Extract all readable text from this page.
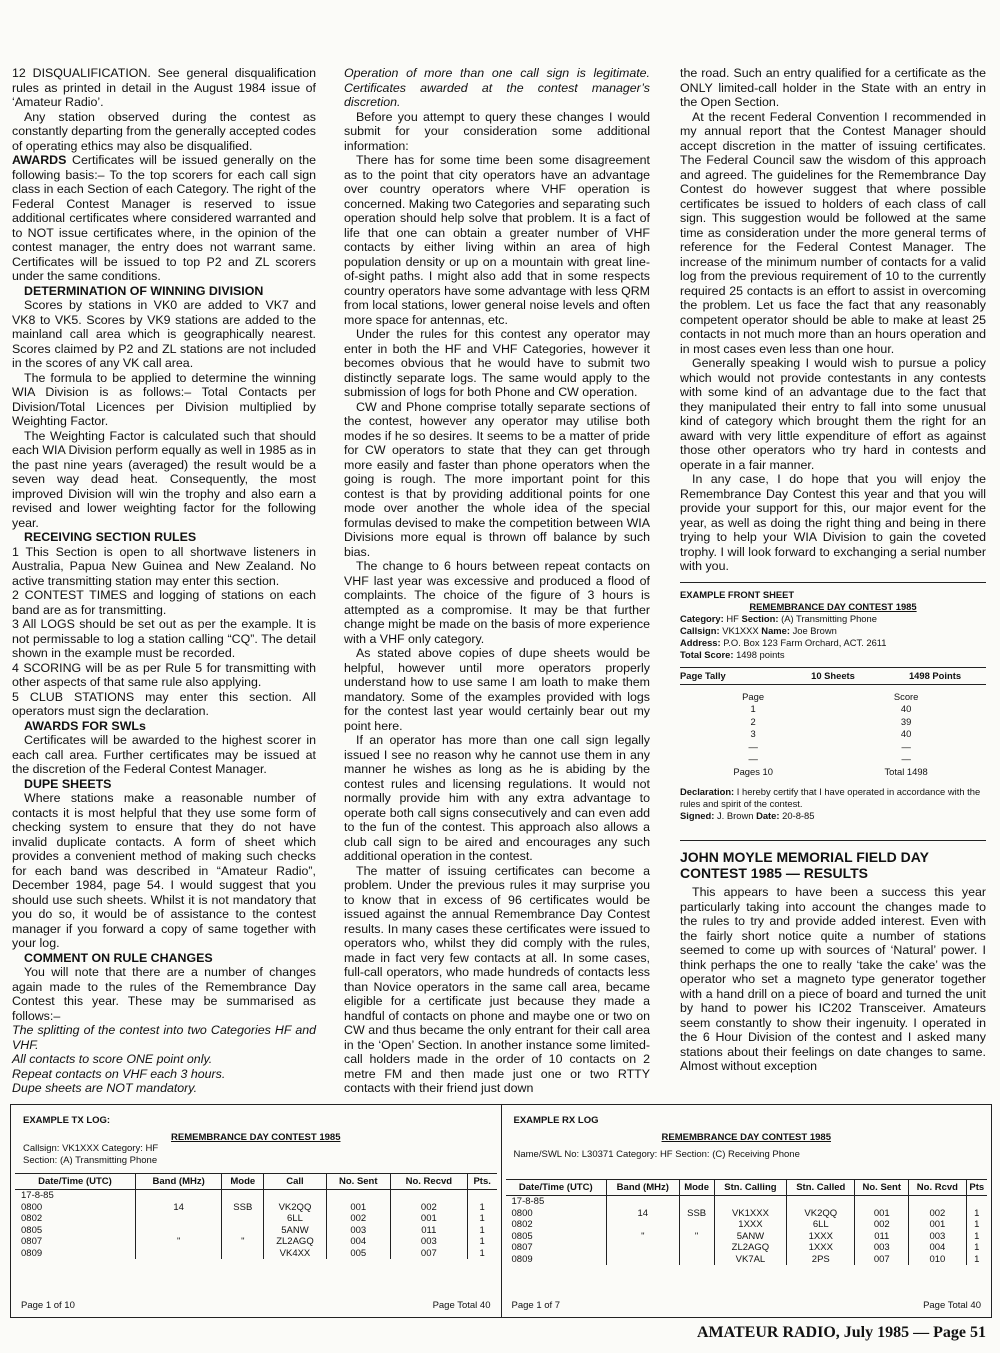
12 DISQUALIFICATION. See general disqualification rules as printed in detail in the August 1984 issue of ‘Amateur Radio’.

Any station observed during the contest as constantly departing from the generally accepted codes of operating ethics may also be disqualified.

AWARDS Certificates will be issued generally on the following basis:– To the top scorers for each call sign class in each Section of each Category. The right of the Federal Contest Manager is reserved to issue additional certificates where considered warranted and to NOT issue certificates where, in the opinion of the contest manager, the entry does not warrant same. Certificates will be issued to top P2 and ZL scorers under the same conditions.

DETERMINATION OF WINNING DIVISION

Scores by stations in VK0 are added to VK7 and VK8 to VK5. Scores by VK9 stations are added to the mainland call area which is geographically nearest. Scores claimed by P2 and ZL stations are not included in the scores of any VK call area.

The formula to be applied to determine the winning WIA Division is as follows:– Total Contacts per Division/Total Licences per Division multiplied by Weighting Factor.

The Weighting Factor is calculated such that should each WIA Division perform equally as well in 1985 as in the past nine years (averaged) the result would be a seven way dead heat. Consequently, the most improved Division will win the trophy and also earn a revised and lower weighting factor for the following year.

RECEIVING SECTION RULES

1 This Section is open to all shortwave listeners in Australia, Papua New Guinea and New Zealand. No active transmitting station may enter this section.

2 CONTEST TIMES and logging of stations on each band are as for transmitting.

3 All LOGS should be set out as per the example. It is not permissable to log a station calling “CQ”. The detail shown in the example must be recorded.

4 SCORING will be as per Rule 5 for transmitting with other aspects of that same rule also applying.

5 CLUB STATIONS may enter this section. All operators must sign the declaration.

AWARDS FOR SWLs

Certificates will be awarded to the highest scorer in each call area. Further certificates may be issued at the discretion of the Federal Contest Manager.

DUPE SHEETS

Where stations make a reasonable number of contacts it is most helpful that they use some form of checking system to ensure that they do not have invalid duplicate contacts. A form of sheet which provides a convenient method of making such checks for each band was described in “Amateur Radio”, December 1984, page 54. I would suggest that you should use such sheets. Whilst it is not mandatory that you do so, it would be of assistance to the contest manager if you forward a copy of same together with your log.

COMMENT ON RULE CHANGES

You will note that there are a number of changes again made to the rules of the Remembrance Day Contest this year. These may be summarised as follows:–

The splitting of the contest into two Categories HF and VHF.

All contacts to score ONE point only.

Repeat contacts on VHF each 3 hours.

Dupe sheets are NOT mandatory.

Operation of more than one call sign is legitimate. Certificates awarded at the contest manager’s discretion.

Before you attempt to query these changes I would submit for your consideration some additional information:

There has for some time been some disagreement as to the point that city operators have an advantage over country operators where VHF operation is concerned. Making two Categories and separating such operation should help solve that problem. It is a fact of life that one can obtain a greater number of VHF contacts by either living within an area of high population density or up on a mountain with great line-of-sight paths. I might also add that in some respects country operators have some advantage with less QRM from local stations, lower general noise levels and often more space for antennas, etc.

Under the rules for this contest any operator may enter in both the HF and VHF Categories, however it becomes obvious that he would have to submit two distinctly separate logs. The same would apply to the submission of logs for both Phone and CW operation.

CW and Phone comprise totally separate sections of the contest, however any operator may utilise both modes if he so desires. It seems to be a matter of pride for CW operators to state that they can get through more easily and faster than phone operators when the going is rough. The more important point for this contest is that by providing additional points for one mode over another the whole idea of the special formulas devised to make the competition between WIA Divisions more equal is thrown off balance by such bias.

The change to 6 hours between repeat contacts on VHF last year was excessive and produced a flood of complaints. The choice of the figure of 3 hours is attempted as a compromise. It may be that further change might be made on the basis of more experience with a VHF only category.

As stated above copies of dupe sheets would be helpful, however until more operators properly understand how to use same I am loath to make them mandatory. Some of the examples provided with logs for the contest last year would certainly bear out my point here.

If an operator has more than one call sign legally issued I see no reason why he cannot use them in any manner he wishes as long as he is abiding by the contest rules and licensing regulations. It would not normally provide him with any extra advantage to operate both call signs consecutively and can even add to the fun of the contest. This approach also allows a club call sign to be aired and encourages any such additional operation in the contest.

The matter of issuing certificates can become a problem. Under the previous rules it may surprise you to know that in excess of 96 certificates would be issued against the annual Remembrance Day Contest results. In many cases these certificates were issued to operators who, whilst they did comply with the rules, made in fact very few contacts at all. In some cases, full-call operators, who made hundreds of contacts less than Novice operators in the same call area, became eligible for a certificate just because they made a handful of contacts on phone and maybe one or two on CW and thus became the only entrant for their call area in the ‘Open’ Section. In another instance some limited-call holders made in the order of 10 contacts on 2 metre FM and then made just one or two RTTY contacts with their friend just down

the road. Such an entry qualified for a certificate as the ONLY limited-call holder in the State with an entry in the Open Section.

At the recent Federal Convention I recommended in my annual report that the Contest Manager should accept discretion in the matter of issuing certificates. The Federal Council saw the wisdom of this approach and agreed. The guidelines for the Remembrance Day Contest do however suggest that where possible certificates be issued to holders of each class of call sign. This suggestion would be followed at the same time as consideration under the more general terms of reference for the Federal Contest Manager. The increase of the minimum number of contacts for a valid log from the previous requirement of 10 to the currently required 25 contacts is an effort to assist in overcoming the problem. Let us face the fact that any reasonably competent operator should be able to make at least 25 contacts in not much more than an hours operation and in most cases even less than one hour.

Generally speaking I would wish to pursue a policy which would not provide contestants in any contests with some kind of an advantage due to the fact that they manipulated their entry to fall into some unusual kind of category which brought them the right for an award with very little expenditure of effort as against those other operators who try hard in contests and operate in a fair manner.

In any case, I do hope that you will enjoy the Remembrance Day Contest this year and that you will provide your support for this, our major event for the year, as well as doing the right thing and being in there trying to help your WIA Division to gain the coveted trophy. I will look forward to exchanging a serial number with you.

EXAMPLE FRONT SHEET
REMEMBRANCE DAY CONTEST 1985
Category: HF Section: (A) Transmitting Phone
Callsign: VK1XXX Name: Joe Brown
Address: P.O. Box 123 Farm Orchard, ACT. 2611
Total Score: 1498 points
Page Tally	10 Sheets	1498 Points
Page	Score
1	40
2	39
3	40
—	—
—	—
Pages 10	Total 1498
Declaration: I hereby certify that I have operated in accordance with the rules and spirit of the contest.
Signed: J. Brown Date: 20-8-85
JOHN MOYLE MEMORIAL FIELD DAY CONTEST 1985 — RESULTS

This appears to have been a success this year particularly taking into account the changes made to the rules to try and provide added interest. Even with the fairly short notice quite a number of stations seemed to come up with sources of ‘Natural’ power. I think perhaps the one to really ‘take the cake’ was the operator who set a magneto type generator together with a hand drill on a piece of board and turned the unit by hand to power his IC202 Transceiver. Amateurs seem constantly to show their ingenuity. I operated in the 6 Hour Division of the contest and I asked many stations about their feelings on date changes to same. Almost without exception

EXAMPLE TX LOG:
REMEMBRANCE DAY CONTEST 1985
Callsign: VK1XXX Category: HF
Section: (A) Transmitting Phone
Date/Time (UTC)	Band (MHz)	Mode	Call	No. Sent	No. Recvd	Pts.
17-8-85						
0800	14	SSB	VK2QQ	001	002	1
0802			6LL	002	001	1
0805			5ANW	003	011	1
0807	"	"	ZL2AGQ	004	003	1
0809			VK4XX	005	007	1
Page 1 of 10	Page Total 40
EXAMPLE RX LOG
REMEMBRANCE DAY CONTEST 1985
Name/SWL No: L30371 Category: HF Section: (C) Receiving Phone

Date/Time (UTC)	Band (MHz)	Mode	Stn. Calling	Stn. Called	No. Sent	No. Rcvd	Pts
17-8-85							
0800	14	SSB	VK1XXX	VK2QQ	001	002	1
0802			1XXX	6LL	002	001	1
0805	"	"	5ANW	1XXX	011	003	1
0807			ZL2AGQ	1XXX	003	004	1
0809			VK7AL	2PS	007	010	1
Page 1 of 7	Page Total 40
AMATEUR RADIO, July 1985 — Page 51
